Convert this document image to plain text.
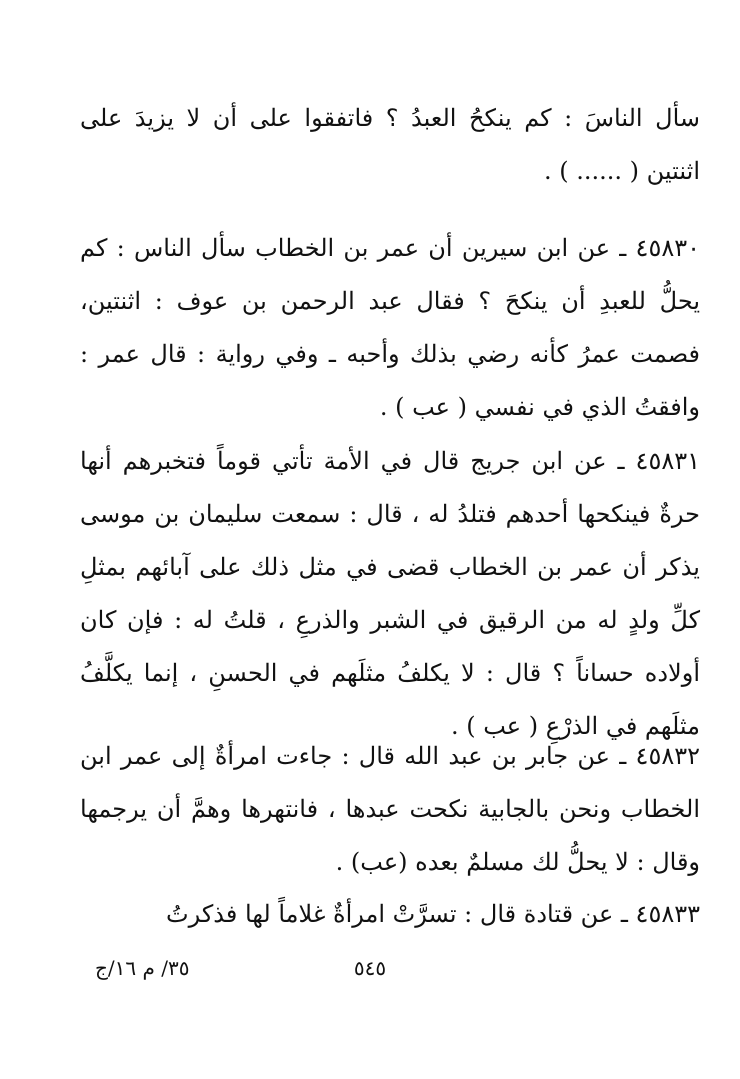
سأل الناسَ : كم ينكحُ العبدُ ؟ فاتفقوا على أن لا يزيدَ على اثنتين ( ...... ) .

٤٥٨٣٠ ـ عن ابن سيرين أن عمر بن الخطاب سأل الناس : كم يحلُّ للعبدِ أن ينكحَ ؟ فقال عبد الرحمن بن عوف : اثنتين، فصمت عمرُ كأنه رضي بذلك وأحبه ـ وفي رواية : قال عمر : وافقتُ الذي في نفسي ( عب ) .

٤٥٨٣١ ـ عن ابن جريج قال في الأمة تأتي قوماً فتخبرهم أنها حرةٌ فينكحها أحدهم فتلدُ له ، قال : سمعت سليمان بن موسى يذكر أن عمر بن الخطاب قضى في مثل ذلك على آبائهم بمثلِ كلِّ ولدٍ له من الرقيق في الشبر والذرعِ ، قلتُ له : فإن كان أولاده حساناً ؟ قال : لا يكلفُ مثلَهم في الحسنِ ، إنما يكلَّفُ مثلَهم في الذرْعِ ( عب ) .

٤٥٨٣٢ ـ عن جابر بن عبد الله قال : جاءت امرأةٌ إلى عمر ابن الخطاب ونحن بالجابية نكحت عبدها ، فانتهرها وهمَّ أن يرجمها وقال : لا يحلُّ لك مسلمٌ بعده (عب) .

٤٥٨٣٣ ـ عن قتادة قال : تسرَّتْ امرأةٌ غلاماً لها فذكرتُ

٥٤٥
٣٥/ م ١٦/ج
